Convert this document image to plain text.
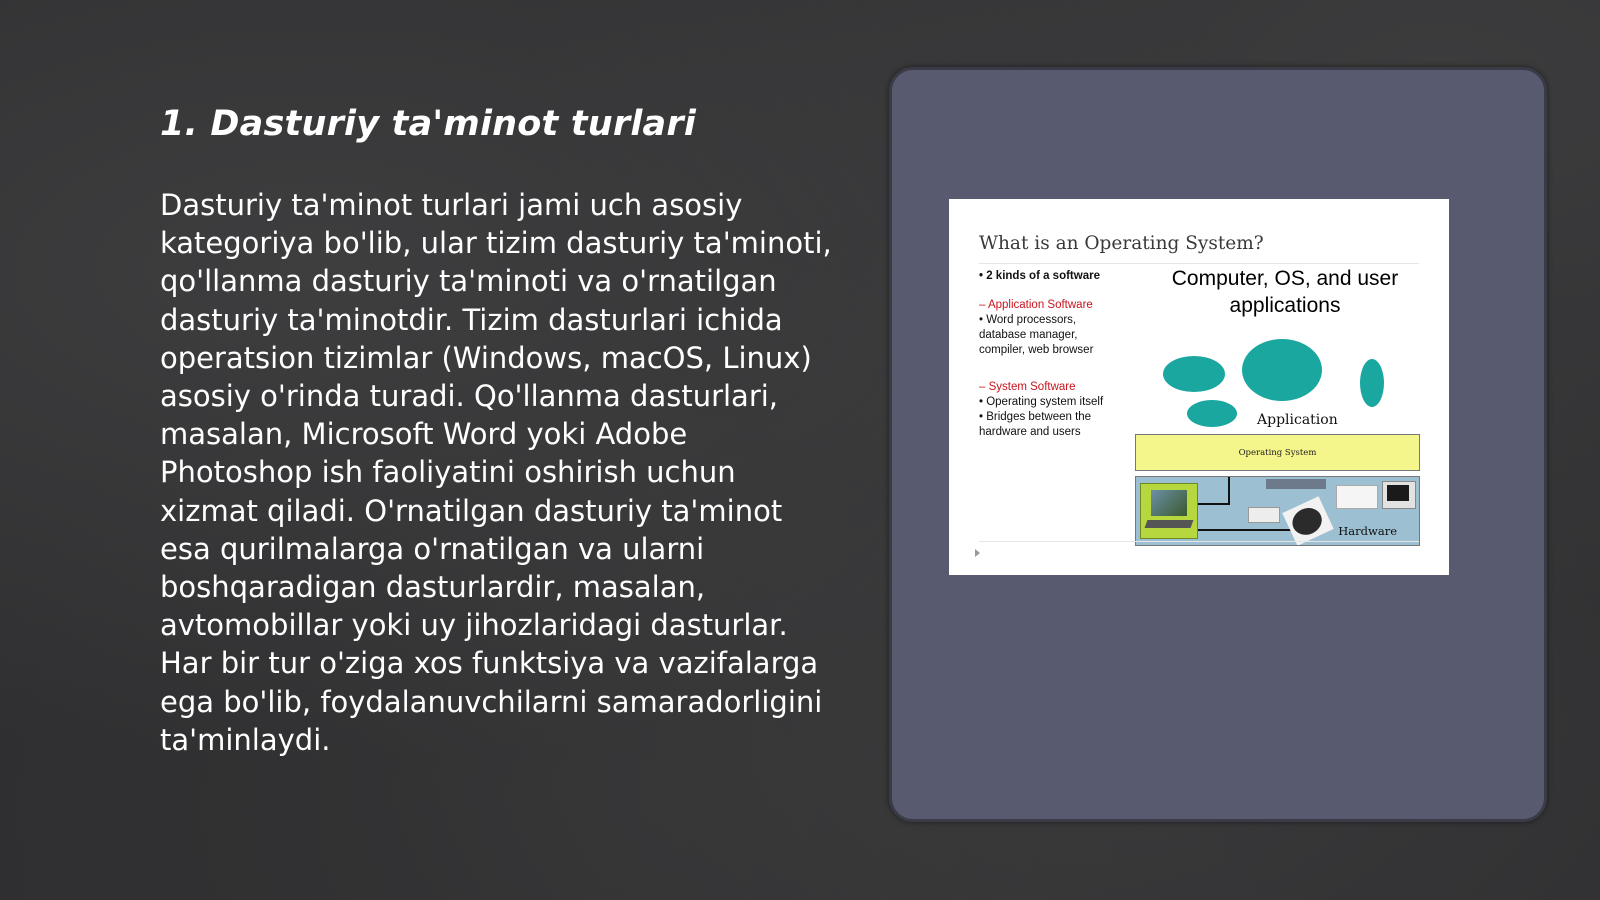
1. Dasturiy ta'minot turlari

Dasturiy ta'minot turlari jami uch asosiy kategoriya bo'lib, ular tizim dasturiy ta'minoti, qo'llanma dasturiy ta'minoti va o'rnatilgan dasturiy ta'minotdir. Tizim dasturlari ichida operatsion tizimlar (Windows, macOS, Linux) asosiy o'rinda turadi. Qo'llanma dasturlari, masalan, Microsoft Word yoki Adobe Photoshop ish faoliyatini oshirish uchun xizmat qiladi. O'rnatilgan dasturiy ta'minot esa qurilmalarga o'rnatilgan va ularni boshqaradigan dasturlardir, masalan, avtomobillar yoki uy jihozlaridagi dasturlar. Har bir tur o'ziga xos funktsiya va vazifalarga ega bo'lib, foydalanuvchilarni samaradorligini ta'minlaydi.

What is an Operating System?

• 2 kinds of a software
– Application Software
• Word processors, database manager, compiler, web browser
– System Software
• Operating system itself
• Bridges between the hardware and users
Computer, OS, and user applications
Application
Operating System
Hardware
